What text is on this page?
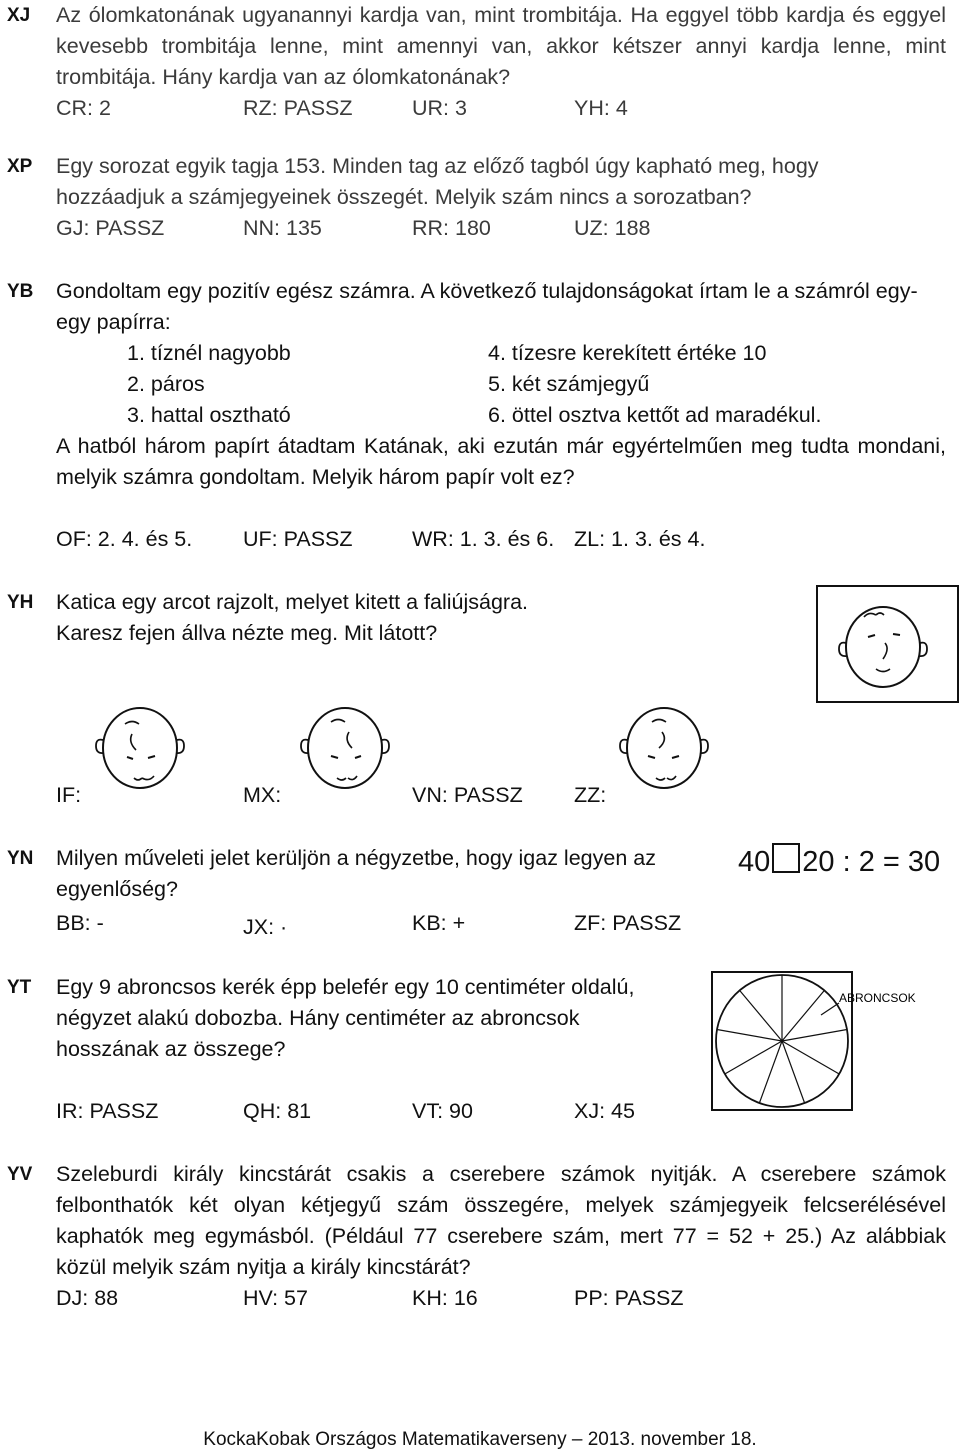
XJ Az ólomkatonának ugyanannyi kardja van, mint trombitája. Ha eggyel több kardja és eggyel kevesebb trombitája lenne, mint amennyi van, akkor kétszer annyi kardja lenne, mint trombitája. Hány kardja van az ólomkatonának?
CR: 2	RZ: PASSZ	UR: 3	YH: 4
XP Egy sorozat egyik tagja 153. Minden tag az előző tagból úgy kapható meg, hogy hozzáadjuk a számjegyeinek összegét. Melyik szám nincs a sorozatban?
GJ: PASSZ	NN: 135	RR: 180	UZ: 188
YB Gondoltam egy pozitív egész számra. A következő tulajdonságokat írtam le a számról egy-egy papírra:
1. tíznél nagyobb
2. páros
3. hattal osztható
4. tízesre kerekített értéke 10
5. két számjegyű
6. öttel osztva kettőt ad maradékul.
A hatból három papírt átadtam Katának, aki ezután már egyértelműen meg tudta mondani, melyik számra gondoltam. Melyik három papír volt ez?
OF: 2. 4. és 5. UF: PASSZ	WR: 1. 3. és 6. ZL: 1. 3. és 4.
YH Katica egy arcot rajzolt, melyet kitett a faliújságra.
Karesz fejen állva nézte meg. Mit látott?
IF:	MX:	VN: PASSZ ZZ:
YN Milyen műveleti jelet kerüljön a négyzetbe, hogy igaz legyen az egyenlőség?
BB: -	JX: ·	KB: +	ZF: PASSZ
40 20 : 2 = 30
YT Egy 9 abroncsos kerék épp belefér egy 10 centiméter oldalú, négyzet alakú dobozba. Hány centiméter az abroncsok hosszának az összege?
IR: PASSZ	QH: 81	VT: 90	XJ: 45
ABRONCSOK
YV Szeleburdi király kincstárát csakis a cserebere számok nyitják. A cserebere számok felbonthatók két olyan kétjegyű szám összegére, melyek számjegyeik felcserélésével kaphatók meg egymásból. (Például 77 cserebere szám, mert 77 = 52 + 25.) Az alábbiak közül melyik szám nyitja a király kincstárát?
DJ: 88	HV: 57	KH: 16	PP: PASSZ
KockaKobak Országos Matematikaverseny – 2013. november 18.
